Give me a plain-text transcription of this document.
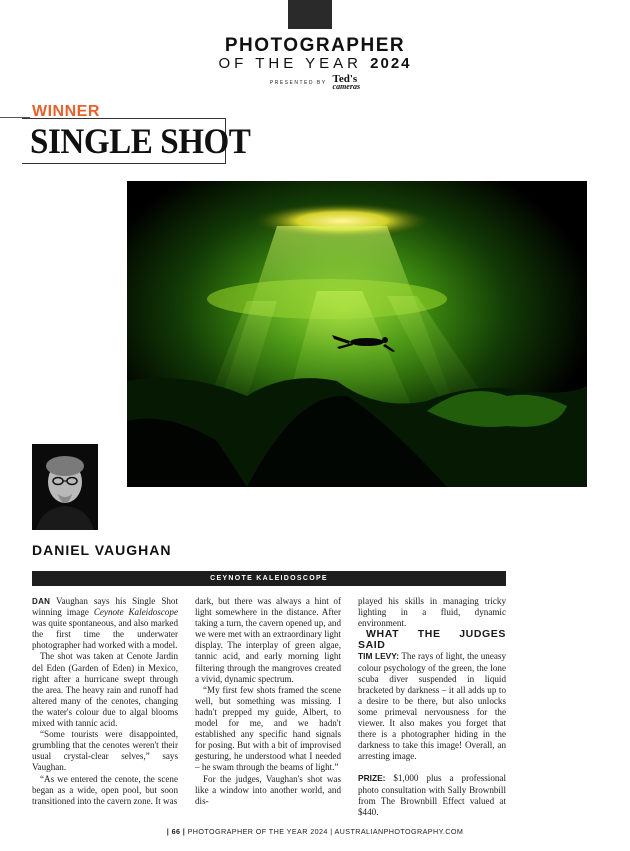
PHOTOGRAPHER
OF THE YEAR 2024
PRESENTED BY Ted's
cameras
WINNER
SINGLE SHOT
DANIEL VAUGHAN
CEYNOTE KALEIDOSCOPE

DAN Vaughan says his Single Shot winning image Ceynote Kaleidoscope was quite spontaneous, and also marked the first time the underwater photographer had worked with a model.

The shot was taken at Cenote Jardin del Eden (Garden of Eden) in Mexico, right after a hurricane swept through the area. The heavy rain and runoff had altered many of the cenotes, changing the water's colour due to algal blooms mixed with tannic acid.

“Some tourists were disappointed, grumbling that the cenotes weren't their usual crystal-clear selves,” says Vaughan.

“As we entered the cenote, the scene began as a wide, open pool, but soon transitioned into the cavern zone. It was

dark, but there was always a hint of light somewhere in the distance. After taking a turn, the cavern opened up, and we were met with an extraordinary light display. The interplay of green algae, tannic acid, and early morning light filtering through the mangroves created a vivid, dynamic spectrum.

“My first few shots framed the scene well, but something was missing. I hadn't prepped my guide, Albert, to model for me, and we hadn't established any specific hand signals for posing. But with a bit of improvised gesturing, he understood what I needed – he swam through the beams of light.”

For the judges, Vaughan's shot was like a window into another world, and dis-

played his skills in managing tricky lighting in a fluid, dynamic environment.

WHAT THE JUDGES SAID

TIM LEVY: The rays of light, the uneasy colour psychology of the green, the lone scuba diver suspended in liquid bracketed by darkness – it all adds up to a desire to be there, but also unlocks some primeval nervousness for the viewer. It also makes you forget that there is a photographer hiding in the darkness to take this image! Overall, an arresting image.

PRIZE: $1,000 plus a professional photo consultation with Sally Brownbill from The Brownbill Effect valued at $440.

| 66 | PHOTOGRAPHER OF THE YEAR 2024 | AUSTRALIANPHOTOGRAPHY.COM
